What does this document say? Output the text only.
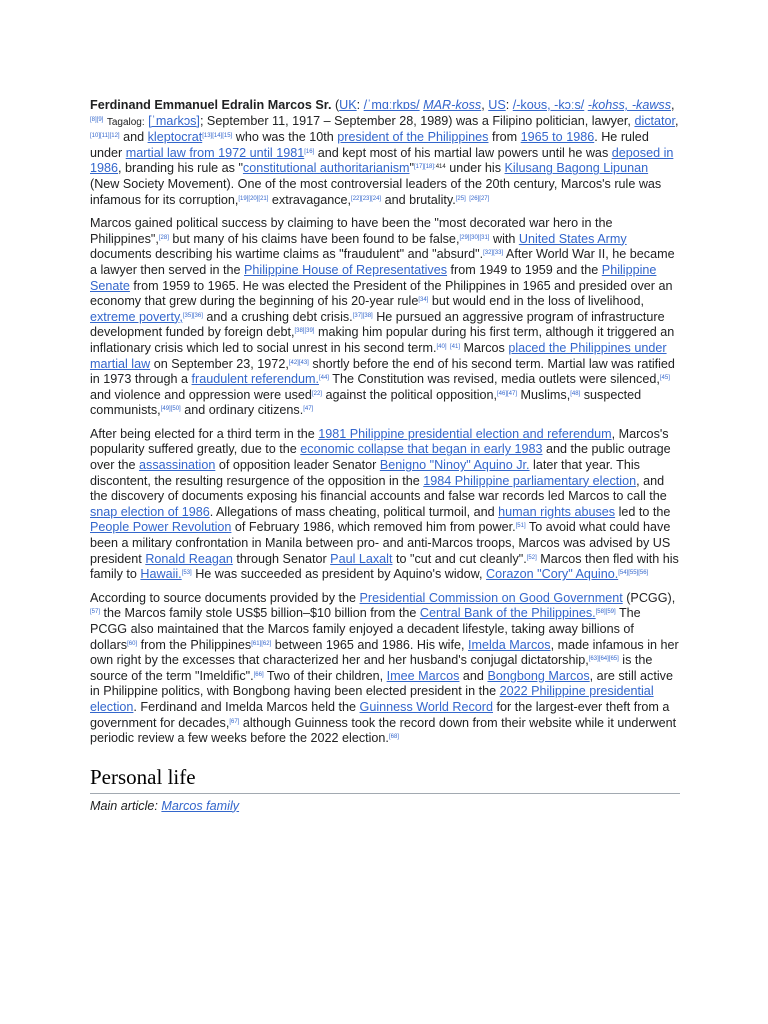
Ferdinand Emmanuel Edralin Marcos Sr. (UK: /ˈmɑːrkɒs/ MAR-koss, US: /-koʊs, -kɔːs/ -kohss, -kawss,[8][9] Tagalog: [ˈmaɾkɔs]; September 11, 1917 – September 28, 1989) was a Filipino politician, lawyer, dictator,[10][11][12] and kleptocrat[13][14][15] who was the 10th president of the Philippines from 1965 to 1986. He ruled under martial law from 1972 until 1981[16] and kept most of his martial law powers until he was deposed in 1986, branding his rule as "constitutional authoritarianism"$^{[17][18]:414}$ under his Kilusang Bagong Lipunan (New Society Movement). One of the most controversial leaders of the 20th century, Marcos's rule was infamous for its corruption,[19][20][21] extravagance,[22][23][24] and brutality.[25] [26][27]

Marcos gained political success by claiming to have been the "most decorated war hero in the Philippines",[28] but many of his claims have been found to be false,[29][30][31] with United States Army documents describing his wartime claims as "fraudulent" and "absurd".[32][33] After World War II, he became a lawyer then served in the Philippine House of Representatives from 1949 to 1959 and the Philippine Senate from 1959 to 1965. He was elected the President of the Philippines in 1965 and presided over an economy that grew during the beginning of his 20-year rule[34] but would end in the loss of livelihood, extreme poverty,[35][36] and a crushing debt crisis.[37][38] He pursued an aggressive program of infrastructure development funded by foreign debt,[38][39] making him popular during his first term, although it triggered an inflationary crisis which led to social unrest in his second term.[40] [41] Marcos placed the Philippines under martial law on September 23, 1972,[42][43] shortly before the end of his second term. Martial law was ratified in 1973 through a fraudulent referendum.[44] The Constitution was revised, media outlets were silenced,[45] and violence and oppression were used[22] against the political opposition,[46][47] Muslims,[48] suspected communists,[49][50] and ordinary citizens.[47]

After being elected for a third term in the 1981 Philippine presidential election and referendum, Marcos's popularity suffered greatly, due to the economic collapse that began in early 1983 and the public outrage over the assassination of opposition leader Senator Benigno "Ninoy" Aquino Jr. later that year. This discontent, the resulting resurgence of the opposition in the 1984 Philippine parliamentary election, and the discovery of documents exposing his financial accounts and false war records led Marcos to call the snap election of 1986. Allegations of mass cheating, political turmoil, and human rights abuses led to the People Power Revolution of February 1986, which removed him from power.[51] To avoid what could have been a military confrontation in Manila between pro- and anti-Marcos troops, Marcos was advised by US president Ronald Reagan through Senator Paul Laxalt to "cut and cut cleanly".[52] Marcos then fled with his family to Hawaii.[53] He was succeeded as president by Aquino's widow, Corazon "Cory" Aquino.[54][55][56]

According to source documents provided by the Presidential Commission on Good Government (PCGG),[57] the Marcos family stole US$5 billion–$10 billion from the Central Bank of the Philippines.[58][59] The PCGG also maintained that the Marcos family enjoyed a decadent lifestyle, taking away billions of dollars[60] from the Philippines[61][62] between 1965 and 1986. His wife, Imelda Marcos, made infamous in her own right by the excesses that characterized her and her husband's conjugal dictatorship,[63][64][65] is the source of the term "Imeldific".[66] Two of their children, Imee Marcos and Bongbong Marcos, are still active in Philippine politics, with Bongbong having been elected president in the 2022 Philippine presidential election. Ferdinand and Imelda Marcos held the Guinness World Record for the largest-ever theft from a government for decades,[67] although Guinness took the record down from their website while it underwent periodic review a few weeks before the 2022 election.[68]

Personal life

Main article: Marcos family
